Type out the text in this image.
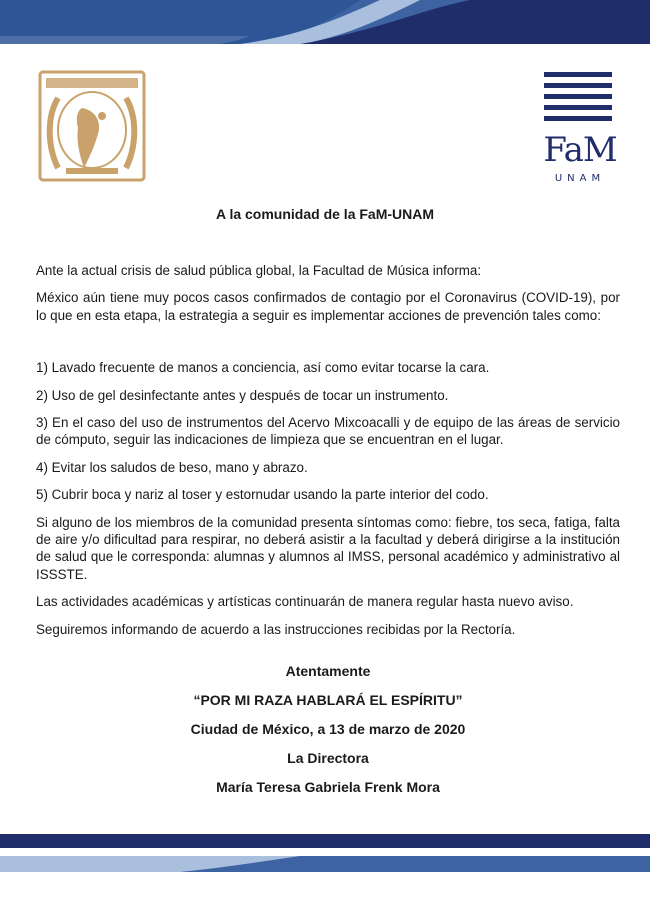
FaM
UNAM
A la comunidad de la FaM-UNAM

Ante la actual crisis de salud pública global, la Facultad de Música informa:

México aún tiene muy pocos casos confirmados de contagio por el Coronavirus (COVID-19), por lo que en esta etapa, la estrategia a seguir es implementar acciones de prevención tales como:

1) Lavado frecuente de manos a conciencia, así como evitar tocarse la cara.

2) Uso de gel desinfectante antes y después de tocar un instrumento.

3) En el caso del uso de instrumentos del Acervo Mixcoacalli y de equipo de las áreas de servicio de cómputo, seguir las indicaciones de limpieza que se encuentran en el lugar.

4) Evitar los saludos de beso, mano y abrazo.

5) Cubrir boca y nariz al toser y estornudar usando la parte interior del codo.

Si alguno de los miembros de la comunidad presenta síntomas como: fiebre, tos seca, fatiga, falta de aire y/o dificultad para respirar, no deberá asistir a la facultad y deberá dirigirse a la institución de salud que le corresponda: alumnas y alumnos al IMSS, personal académico y administrativo al ISSSTE.

Las actividades académicas y artísticas continuarán de manera regular hasta nuevo aviso.

Seguiremos informando de acuerdo a las instrucciones recibidas por la Rectoría.

Atentamente
“POR MI RAZA HABLARÁ EL ESPÍRITU”
Ciudad de México, a 13 de marzo de 2020
La Directora
María Teresa Gabriela Frenk Mora
